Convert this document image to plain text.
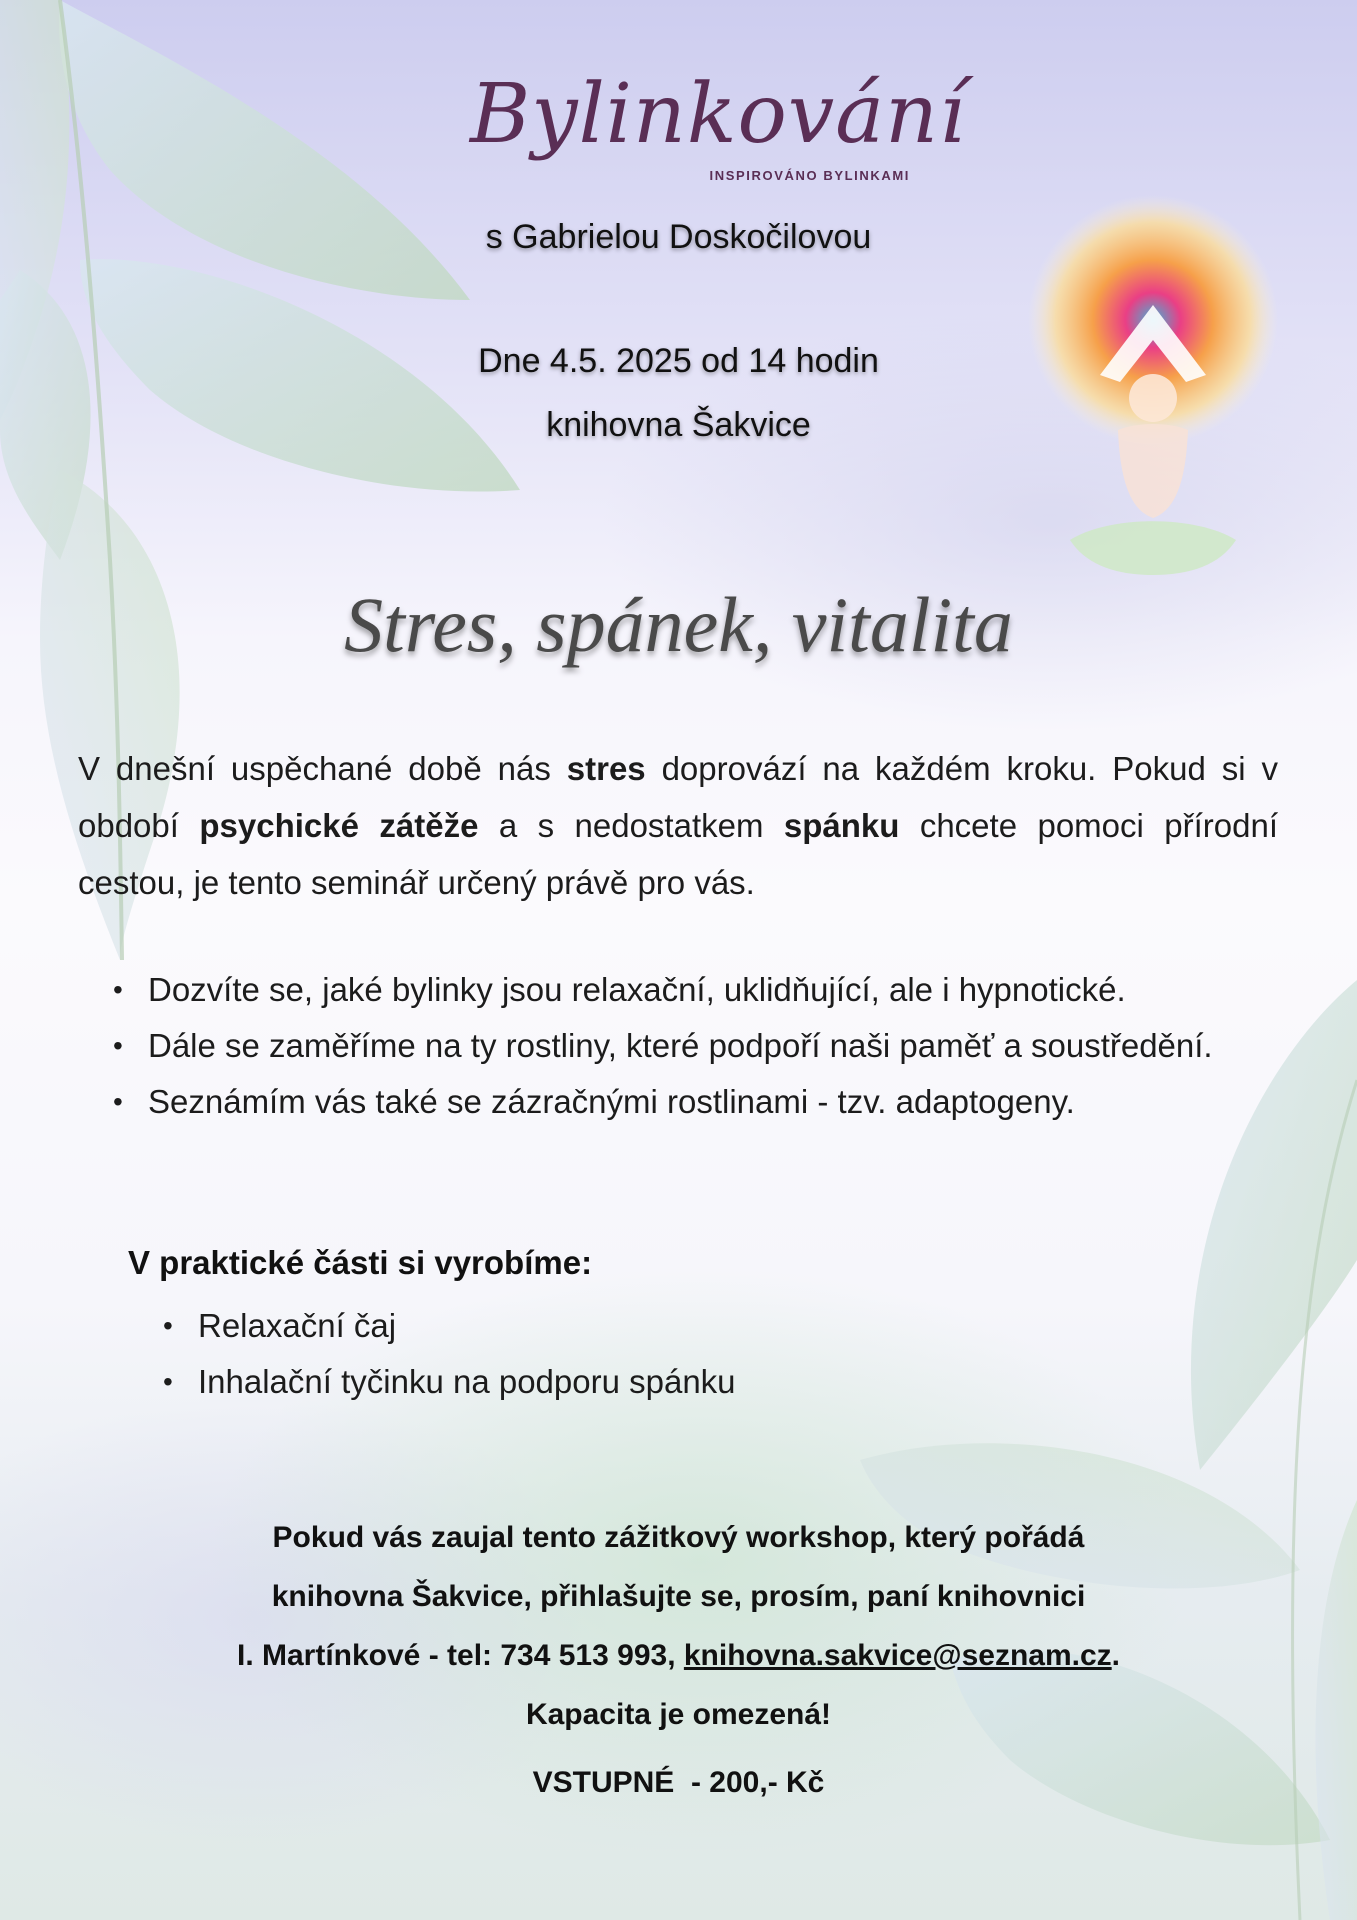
Bylinkování
INSPIROVÁNO BYLINKAMI
s Gabrielou Doskočilovou
Dne 4.5. 2025 od 14 hodin
knihovna Šakvice
Stres, spánek, vitalita
V dnešní uspěchané době nás stres doprovází na každém kroku. Pokud si v období psychické zátěže a s nedostatkem spánku chcete pomoci přírodní cestou, je tento seminář určený právě pro vás.
• Dozvíte se, jaké bylinky jsou relaxační, uklidňující, ale i hypnotické.
• Dále se zaměříme na ty rostliny, které podpoří naši paměť a soustředění.
• Seznámím vás také se zázračnými rostlinami - tzv. adaptogeny.
V praktické části si vyrobíme:
• Relaxační čaj
• Inhalační tyčinku na podporu spánku
Pokud vás zaujal tento zážitkový workshop, který pořádá
knihovna Šakvice, přihlašujte se, prosím, paní knihovnici
I. Martínkové - tel: 734 513 993, knihovna.sakvice@seznam.cz.
Kapacita je omezená!
VSTUPNÉ  - 200,- Kč
